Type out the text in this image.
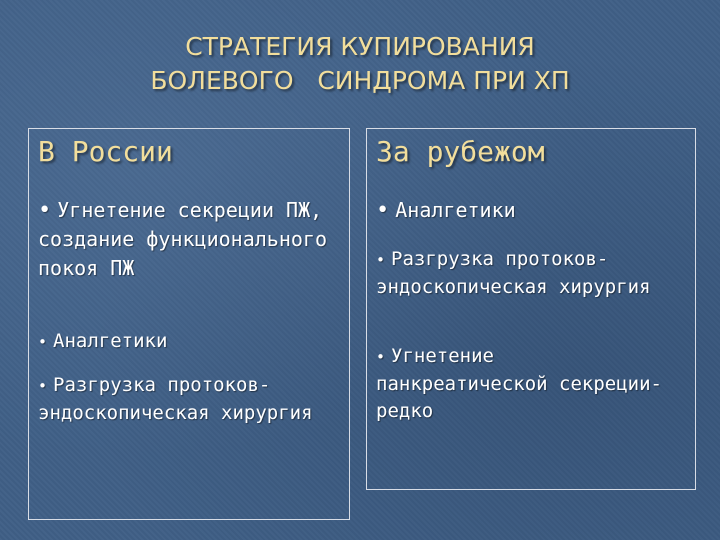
СТРАТЕГИЯ КУПИРОВАНИЯ
БОЛЕВОГО   СИНДРОМА ПРИ ХП
В России	За рубежом
• Угнетение секреции ПЖ, создание функционального покоя ПЖ
• Аналгетики
• Разгрузка протоков-эндоскопическая хирургия
• Аналгетики
• Разгрузка протоков-эндоскопическая хирургия
• Угнетение панкреатической секреции- редко
